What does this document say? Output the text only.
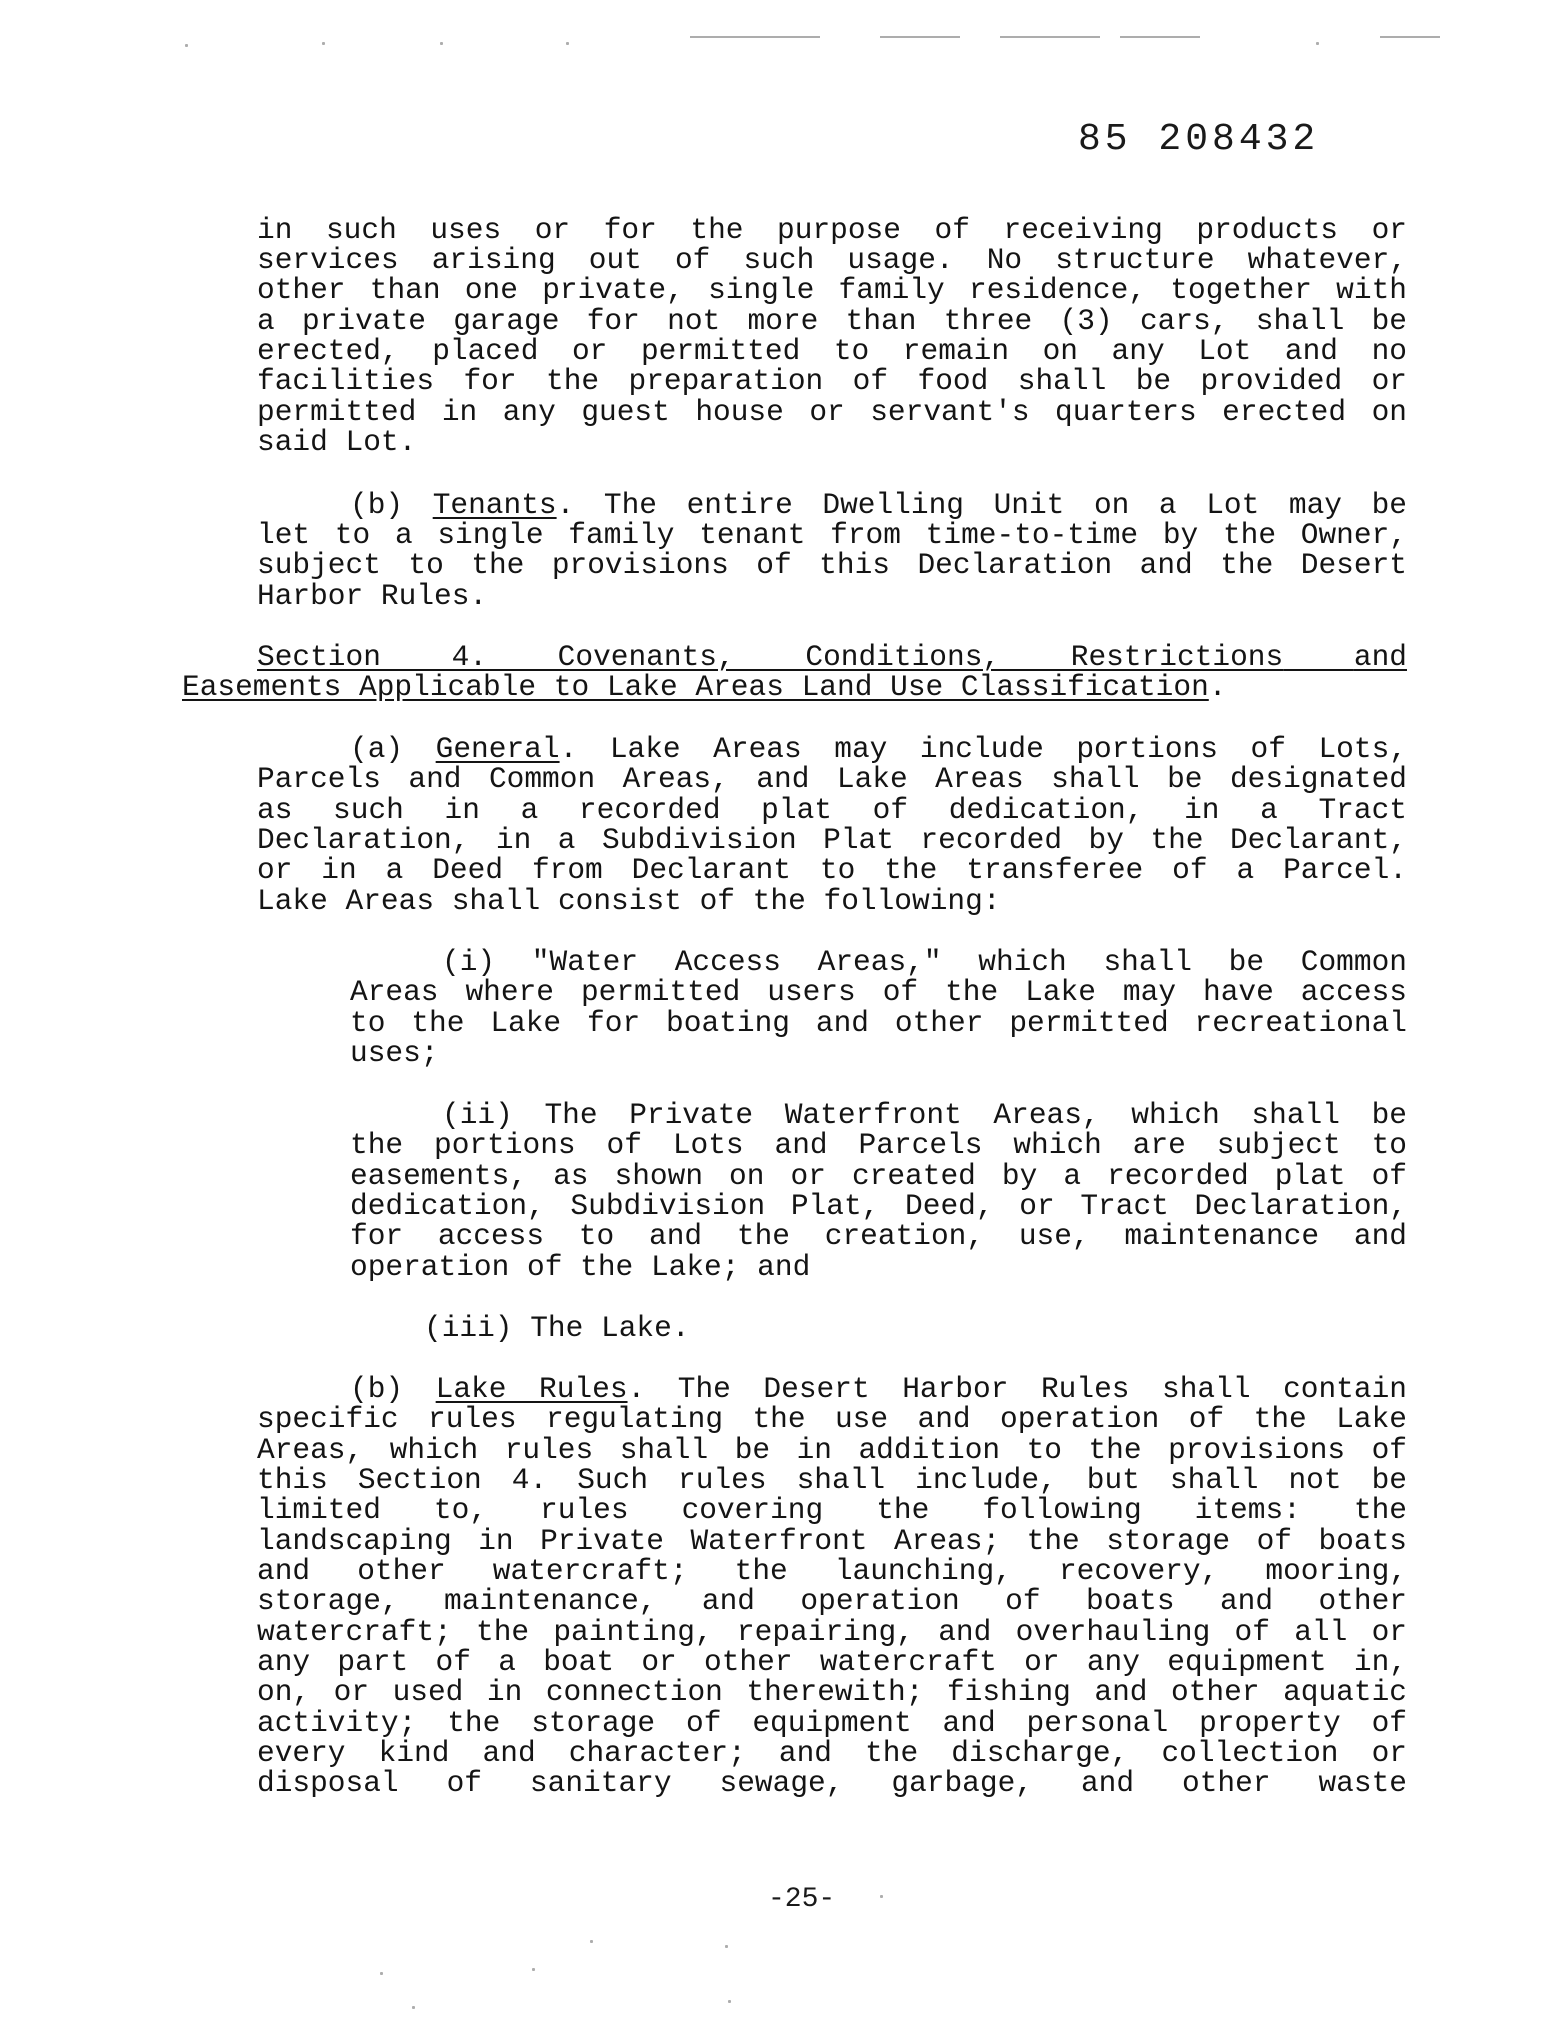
85 208432
in such uses or for the purpose of receiving products or
services arising out of such usage. No structure whatever,
other than one private, single family residence, together with
a private garage for not more than three (3) cars, shall be
erected, placed or permitted to remain on any Lot and no
facilities for the preparation of food shall be provided or
permitted in any guest house or servant's quarters erected on
said Lot.
(b) Tenants. The entire Dwelling Unit on a Lot may be
let to a single family tenant from time-to-time by the Owner,
subject to the provisions of this Declaration and the Desert
Harbor Rules.
Section 4. Covenants, Conditions, Restrictions and
Easements Applicable to Lake Areas Land Use Classification.
(a) General. Lake Areas may include portions of Lots,
Parcels and Common Areas, and Lake Areas shall be designated
as such in a recorded plat of dedication, in a Tract
Declaration, in a Subdivision Plat recorded by the Declarant,
or in a Deed from Declarant to the transferee of a Parcel.
Lake Areas shall consist of the following:
(i) "Water Access Areas," which shall be Common
Areas where permitted users of the Lake may have access
to the Lake for boating and other permitted recreational
uses;
(ii) The Private Waterfront Areas, which shall be
the portions of Lots and Parcels which are subject to
easements, as shown on or created by a recorded plat of
dedication, Subdivision Plat, Deed, or Tract Declaration,
for access to and the creation, use, maintenance and
operation of the Lake; and
(iii) The Lake.
(b) Lake Rules. The Desert Harbor Rules shall contain
specific rules regulating the use and operation of the Lake
Areas, which rules shall be in addition to the provisions of
this Section 4. Such rules shall include, but shall not be
limited to, rules covering the following items: the
landscaping in Private Waterfront Areas; the storage of boats
and other watercraft; the launching, recovery, mooring,
storage, maintenance, and operation of boats and other
watercraft; the painting, repairing, and overhauling of all or
any part of a boat or other watercraft or any equipment in,
on, or used in connection therewith; fishing and other aquatic
activity; the storage of equipment and personal property of
every kind and character; and the discharge, collection or
disposal of sanitary sewage, garbage, and other waste
-25-
